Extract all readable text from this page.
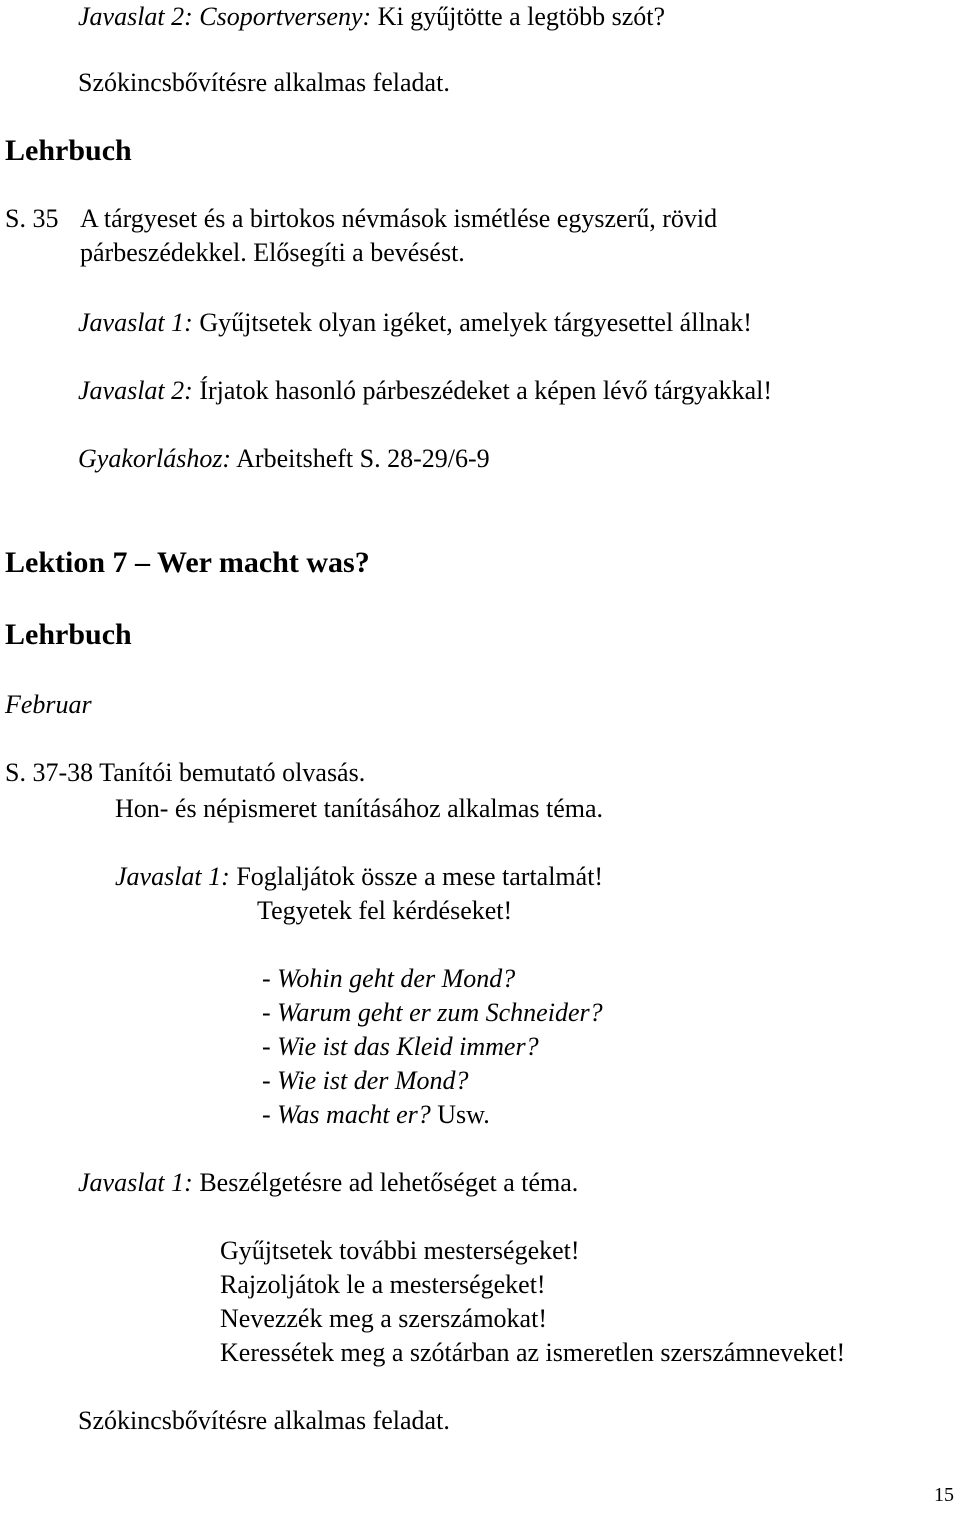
Javaslat 2: Csoportverseny: Ki gyűjtötte a legtöbb szót?
Szókincsbővítésre alkalmas feladat.
Lehrbuch
S. 35 A tárgyeset és a birtokos névmások ismétlése egyszerű, rövid
párbeszédekkel. Elősegíti a bevésést.
Javaslat 1: Gyűjtsetek olyan igéket, amelyek tárgyesettel állnak!
Javaslat 2: Írjatok hasonló párbeszédeket a képen lévő tárgyakkal!
Gyakorláshoz: Arbeitsheft S. 28-29/6-9
Lektion 7 – Wer macht was?
Lehrbuch
Februar
S. 37-38 Tanítói bemutató olvasás.
Hon- és népismeret tanításához alkalmas téma.
Javaslat 1: Foglaljátok össze a mese tartalmát!
Tegyetek fel kérdéseket!
- Wohin geht der Mond?
- Warum geht er zum Schneider?
- Wie ist das Kleid immer?
- Wie ist der Mond?
- Was macht er? Usw.
Javaslat 1: Beszélgetésre ad lehetőséget a téma.
Gyűjtsetek további mesterségeket!
Rajzoljátok le a mesterségeket!
Nevezzék meg a szerszámokat!
Keressétek meg a szótárban az ismeretlen szerszámneveket!
Szókincsbővítésre alkalmas feladat.
15
